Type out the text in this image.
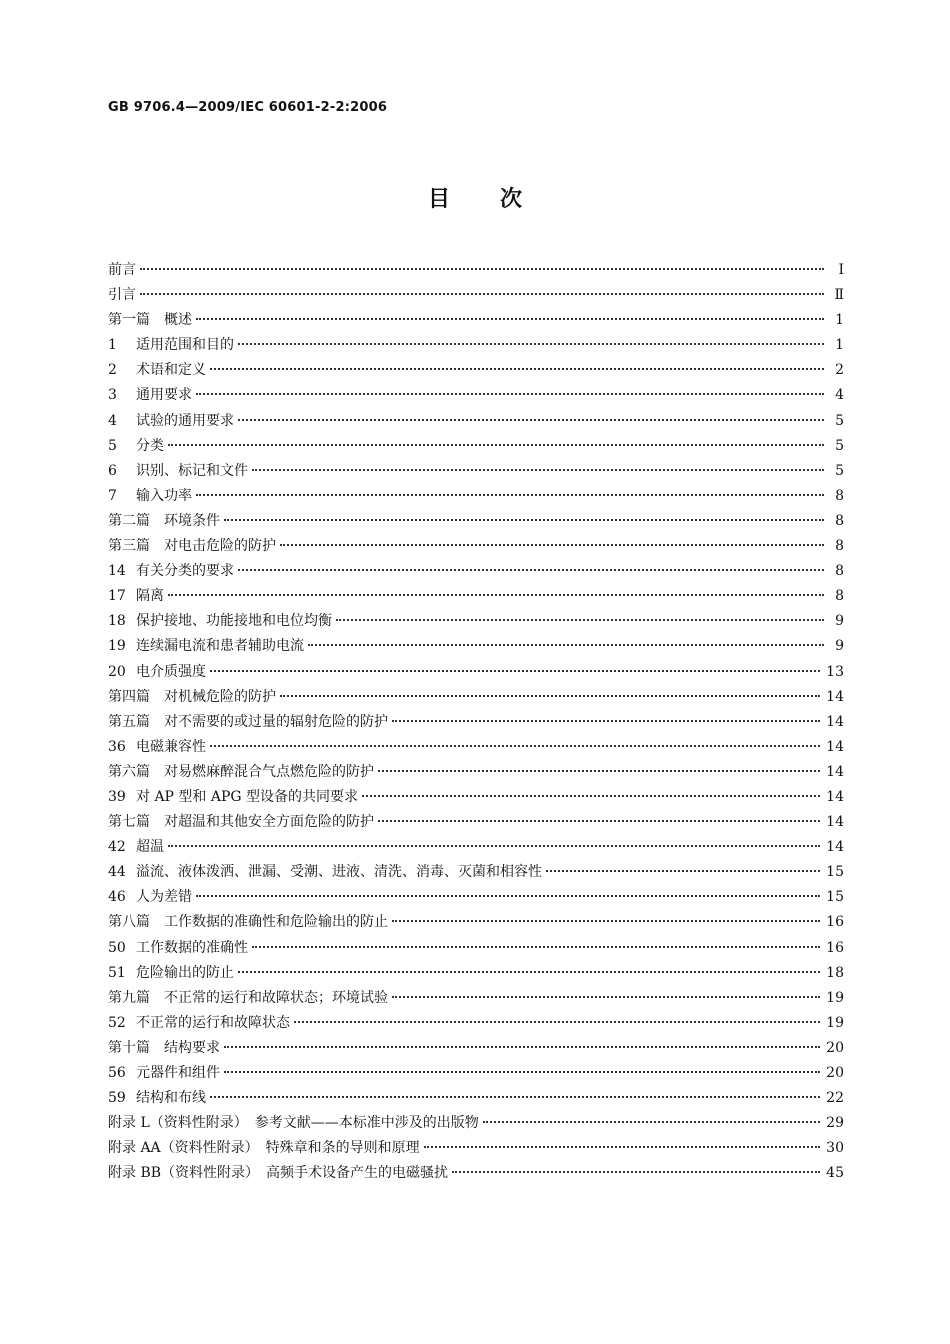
GB 9706.4—2009/IEC 60601-2-2:2006
目次
前言	Ⅰ
引言	Ⅱ
第一篇　概述	1
1	适用范围和目的	1
2	术语和定义	2
3	通用要求	4
4	试验的通用要求	5
5	分类	5
6	识别、标记和文件	5
7	输入功率	8
第二篇　环境条件	8
第三篇　对电击危险的防护	8
14 有关分类的要求	8
17 隔离	8
18 保护接地、功能接地和电位均衡	9
19 连续漏电流和患者辅助电流	9
20 电介质强度	13
第四篇　对机械危险的防护	14
第五篇　对不需要的或过量的辐射危险的防护	14
36 电磁兼容性	14
第六篇　对易燃麻醉混合气点燃危险的防护	14
39 对 AP 型和 APG 型设备的共同要求	14
第七篇　对超温和其他安全方面危险的防护	14
42 超温	14
44 溢流、液体泼洒、泄漏、受潮、进液、清洗、消毒、灭菌和相容性	15
46 人为差错	15
第八篇　工作数据的准确性和危险输出的防止	16
50 工作数据的准确性	16
51 危险输出的防止	18
第九篇　不正常的运行和故障状态；环境试验	19
52 不正常的运行和故障状态	19
第十篇　结构要求	20
56 元器件和组件	20
59 结构和布线	22
附录 L（资料性附录）　参考文献——本标准中涉及的出版物	29
附录 AA（资料性附录）　特殊章和条的导则和原理	30
附录 BB（资料性附录）　高频手术设备产生的电磁骚扰	45
